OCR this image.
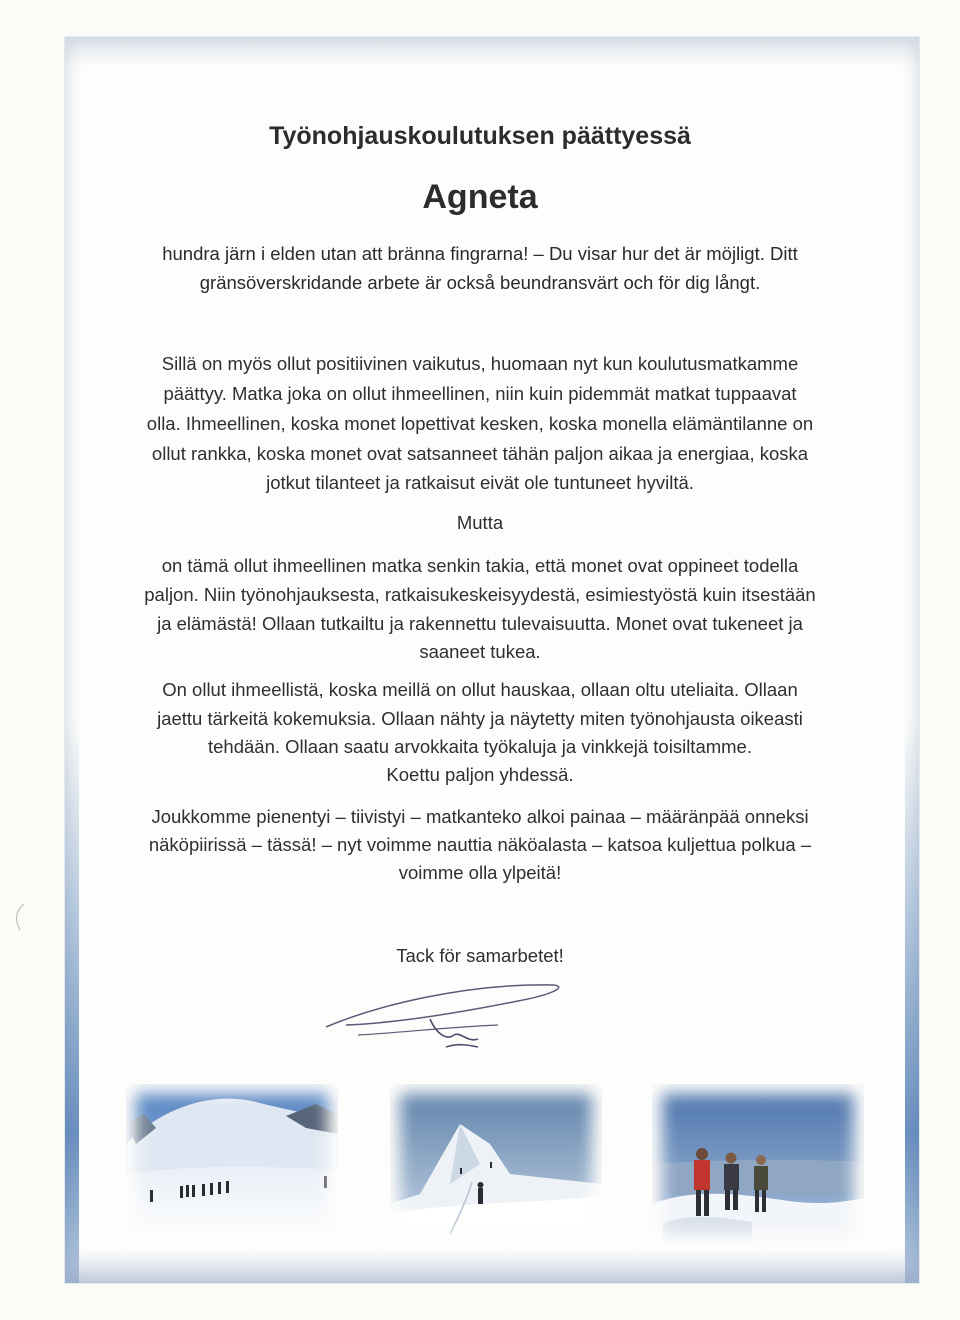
Työnohjauskoulutuksen päättyessä
Agneta
hundra järn i elden utan att bränna fingrarna! – Du visar hur det är möjligt. Ditt
gränsöverskridande arbete är också beundransvärt och för dig långt.
Sillä on myös ollut positiivinen vaikutus, huomaan nyt kun koulutusmatkamme
päättyy. Matka joka on ollut ihmeellinen, niin kuin pidemmät matkat tuppaavat
olla. Ihmeellinen, koska monet lopettivat kesken, koska monella elämäntilanne on
ollut rankka, koska monet ovat satsanneet tähän paljon aikaa ja energiaa, koska
jotkut tilanteet ja ratkaisut eivät ole tuntuneet hyviltä.
Mutta
on tämä ollut ihmeellinen matka senkin takia, että monet ovat oppineet todella
paljon. Niin työnohjauksesta, ratkaisukeskeisyydestä, esimiestyöstä kuin itsestään
ja elämästä! Ollaan tutkailtu ja rakennettu tulevaisuutta. Monet ovat tukeneet ja
saaneet tukea.
On ollut ihmeellistä, koska meillä on ollut hauskaa, ollaan oltu uteliaita. Ollaan
jaettu tärkeitä kokemuksia. Ollaan nähty ja näytetty miten työnohjausta oikeasti
tehdään. Ollaan saatu arvokkaita työkaluja ja vinkkejä toisiltamme.
Koettu paljon yhdessä.
Joukkomme pienentyi – tiivistyi – matkanteko alkoi painaa – määränpää onneksi
näköpiirissä – tässä! – nyt voimme nauttia näköalasta – katsoa kuljettua polkua –
voimme olla ylpeitä!
Tack för samarbetet!
